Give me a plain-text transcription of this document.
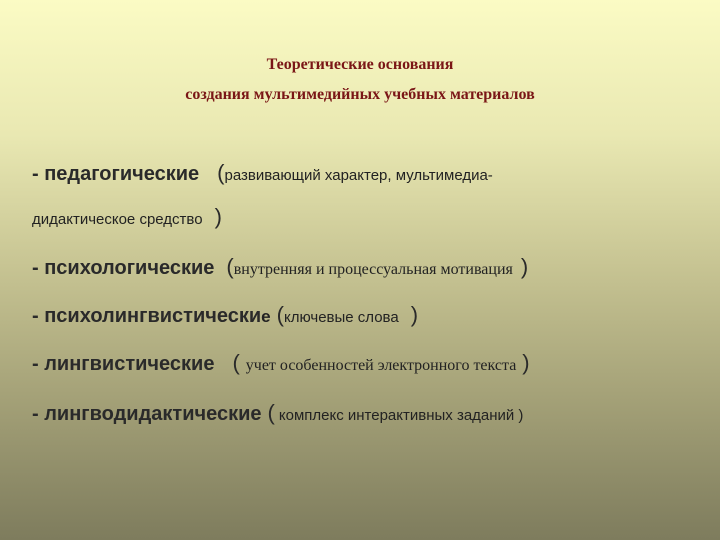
Теоретические основания
создания мультимедийных учебных материалов
- педагогические (развивающий характер, мультимедиа-
дидактическое средство )
- психологические (внутренняя и процессуальная мотивация )
- психолингвистические (ключевые слова )
- лингвистические ( учет особенностей электронного текста )
- лингводидактические ( комплекс интерактивных заданий )
